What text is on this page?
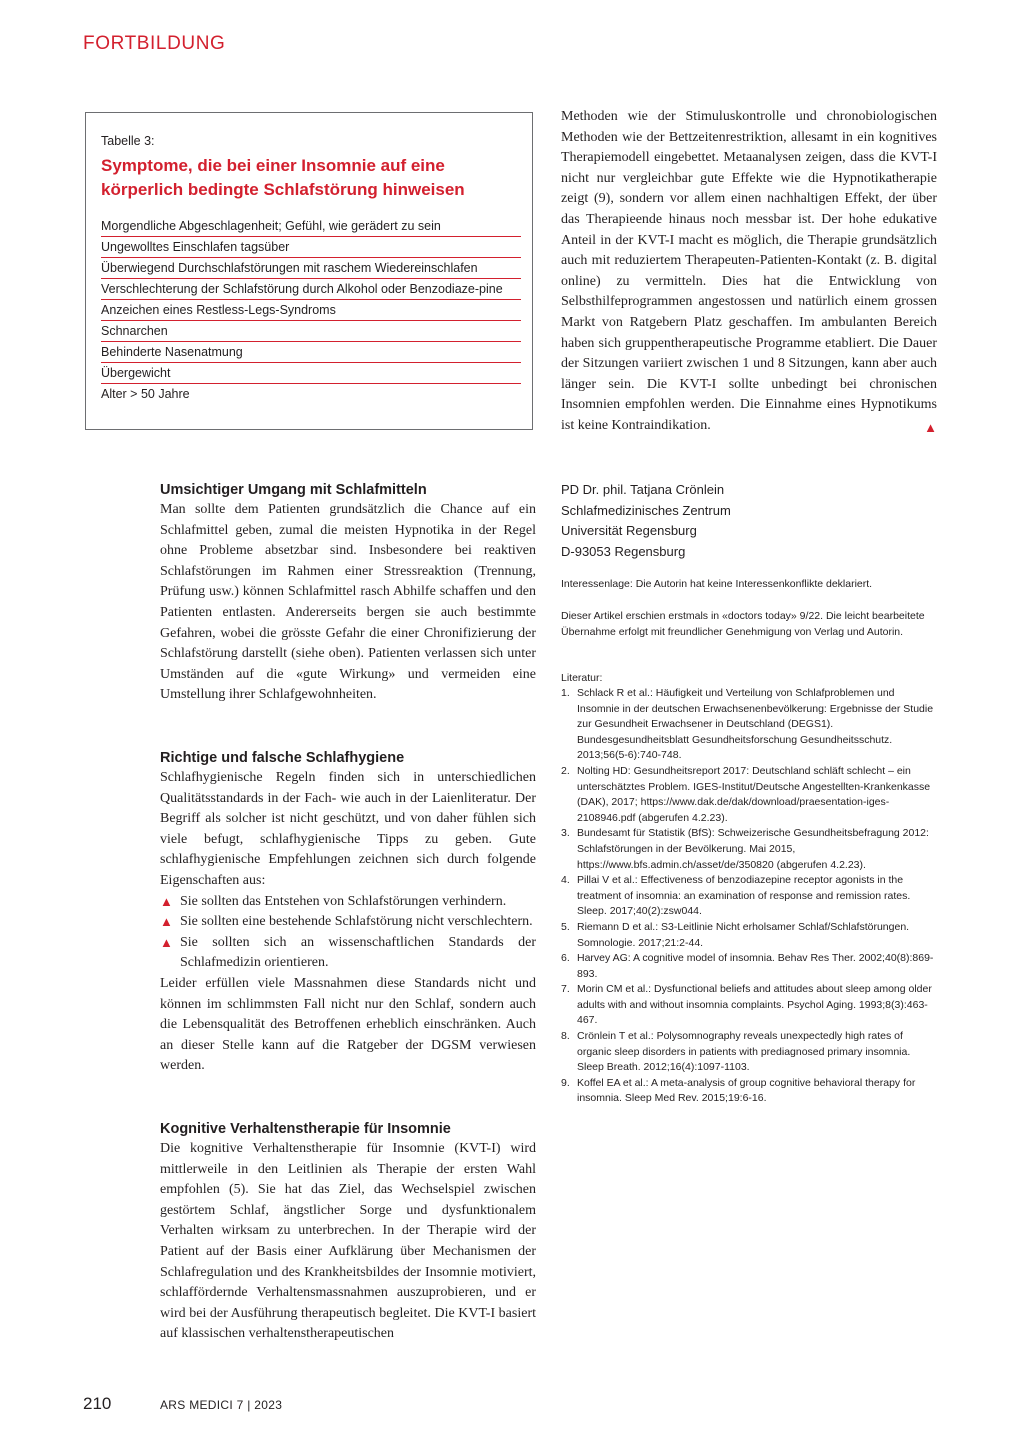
FORTBILDUNG
Tabelle 3:
Symptome, die bei einer Insomnie auf eine körperlich bedingte Schlafstörung hinweisen
Morgendliche Abgeschlagenheit; Gefühl, wie gerädert zu sein
Ungewolltes Einschlafen tagsüber
Überwiegend Durchschlafstörungen mit raschem Wiedereinschlafen
Verschlechterung der Schlafstörung durch Alkohol oder Benzodiaze-pine
Anzeichen eines Restless-Legs-Syndroms
Schnarchen
Behinderte Nasenatmung
Übergewicht
Alter > 50 Jahre
Umsichtiger Umgang mit Schlafmitteln

Man sollte dem Patienten grundsätzlich die Chance auf ein Schlafmittel geben, zumal die meisten Hypnotika in der Regel ohne Probleme absetzbar sind. Insbesondere bei reaktiven Schlafstörungen im Rahmen einer Stressreaktion (Trennung, Prüfung usw.) können Schlafmittel rasch Abhilfe schaffen und den Patienten entlasten. Andererseits bergen sie auch bestimmte Gefahren, wobei die grösste Gefahr die einer Chronifizierung der Schlafstörung darstellt (siehe oben). Patienten verlassen sich unter Umständen auf die «gute Wirkung» und vermeiden eine Umstellung ihrer Schlafgewohnheiten.

Richtige und falsche Schlafhygiene

Schlafhygienische Regeln finden sich in unterschiedlichen Qualitätsstandards in der Fach- wie auch in der Laienliteratur. Der Begriff als solcher ist nicht geschützt, und von daher fühlen sich viele befugt, schlafhygienische Tipps zu geben. Gute schlafhygienische Empfehlungen zeichnen sich durch folgende Eigenschaften aus:

▲ Sie sollten das Entstehen von Schlafstörungen verhindern.
▲ Sie sollten eine bestehende Schlafstörung nicht verschlechtern.
▲ Sie sollten sich an wissenschaftlichen Standards der Schlafmedizin orientieren.

Leider erfüllen viele Massnahmen diese Standards nicht und können im schlimmsten Fall nicht nur den Schlaf, sondern auch die Lebensqualität des Betroffenen erheblich einschränken. Auch an dieser Stelle kann auf die Ratgeber der DGSM verwiesen werden.

Kognitive Verhaltenstherapie für Insomnie

Die kognitive Verhaltenstherapie für Insomnie (KVT-I) wird mittlerweile in den Leitlinien als Therapie der ersten Wahl empfohlen (5). Sie hat das Ziel, das Wechselspiel zwischen gestörtem Schlaf, ängstlicher Sorge und dysfunktionalem Verhalten wirksam zu unterbrechen. In der Therapie wird der Patient auf der Basis einer Aufklärung über Mechanismen der Schlafregulation und des Krankheitsbildes der Insomnie motiviert, schlaffördernde Verhaltensmassnahmen auszuprobieren, und er wird bei der Ausführung therapeutisch begleitet. Die KVT-I basiert auf klassischen verhaltenstherapeutischen

Methoden wie der Stimuluskontrolle und chronobiologischen Methoden wie der Bettzeitenrestriktion, allesamt in ein kognitives Therapiemodell eingebettet. Metaanalysen zeigen, dass die KVT-I nicht nur vergleichbar gute Effekte wie die Hypnotikatherapie zeigt (9), sondern vor allem einen nachhaltigen Effekt, der über das Therapieende hinaus noch messbar ist. Der hohe edukative Anteil in der KVT-I macht es möglich, die Therapie grundsätzlich auch mit reduziertem Therapeuten-Patienten-Kontakt (z. B. digital online) zu vermitteln. Dies hat die Entwicklung von Selbsthilfeprogrammen angestossen und natürlich einem grossen Markt von Ratgebern Platz geschaffen. Im ambulanten Bereich haben sich gruppentherapeutische Programme etabliert. Die Dauer der Sitzungen variiert zwischen 1 und 8 Sitzungen, kann aber auch länger sein. Die KVT-I sollte unbedingt bei chronischen Insomnien empfohlen werden. Die Einnahme eines Hypnotikums ist keine Kontraindikation.	▲
PD Dr. phil. Tatjana Crönlein
Schlafmedizinisches Zentrum
Universität Regensburg
D-93053 Regensburg
Interessenlage: Die Autorin hat keine Interessenkonflikte deklariert.
Dieser Artikel erschien erstmals in «doctors today» 9/22. Die leicht bearbeitete Übernahme erfolgt mit freundlicher Genehmigung von Verlag und Autorin.
Literatur:
1. Schlack R et al.: Häufigkeit und Verteilung von Schlafproblemen und Insomnie in der deutschen Erwachsenenbevölkerung: Ergebnisse der Studie zur Gesundheit Erwachsener in Deutschland (DEGS1). Bundesgesundheitsblatt Gesundheitsforschung Gesundheitsschutz. 2013;56(5-6):740-748.
2. Nolting HD: Gesundheitsreport 2017: Deutschland schläft schlecht – ein unterschätztes Problem. IGES-Institut/Deutsche Angestellten-Krankenkasse (DAK), 2017; https://www.dak.de/dak/download/praesentation-iges-2108946.pdf (abgerufen 4.2.23).
3. Bundesamt für Statistik (BfS): Schweizerische Gesundheitsbefragung 2012: Schlafstörungen in der Bevölkerung. Mai 2015, https://www.bfs.admin.ch/asset/de/350820 (abgerufen 4.2.23).
4. Pillai V et al.: Effectiveness of benzodiazepine receptor agonists in the treatment of insomnia: an examination of response and remission rates. Sleep. 2017;40(2):zsw044.
5. Riemann D et al.: S3-Leitlinie Nicht erholsamer Schlaf/Schlafstörungen. Somnologie. 2017;21:2-44.
6. Harvey AG: A cognitive model of insomnia. Behav Res Ther. 2002;40(8):869-893.
7. Morin CM et al.: Dysfunctional beliefs and attitudes about sleep among older adults with and without insomnia complaints. Psychol Aging. 1993;8(3):463-467.
8. Crönlein T et al.: Polysomnography reveals unexpectedly high rates of organic sleep disorders in patients with prediagnosed primary insomnia. Sleep Breath. 2012;16(4):1097-1103.
9. Koffel EA et al.: A meta-analysis of group cognitive behavioral therapy for insomnia. Sleep Med Rev. 2015;19:6-16.
210	ARS MEDICI 7 | 2023
